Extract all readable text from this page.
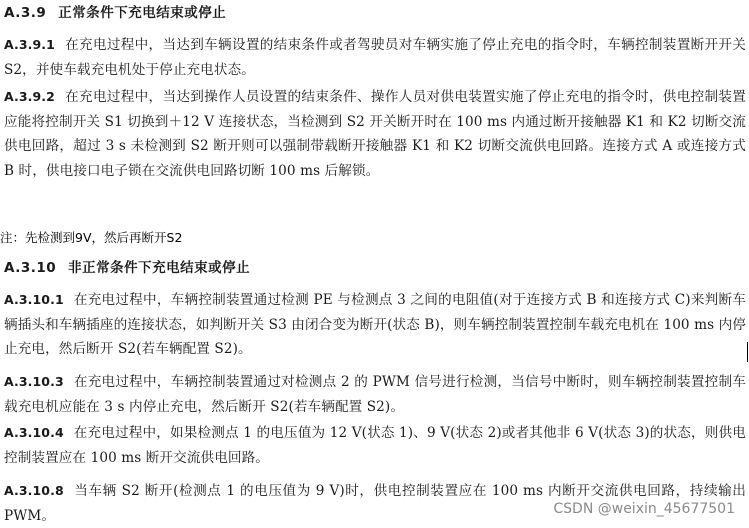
A.3.9 正常条件下充电结束或停止
A.3.9.1 在充电过程中，当达到车辆设置的结束条件或者驾驶员对车辆实施了停止充电的指令时，车辆控制装置断开开关 S2，并使车载充电机处于停止充电状态。
A.3.9.2 在充电过程中，当达到操作人员设置的结束条件、操作人员对供电装置实施了停止充电的指令时，供电控制装置应能将控制开关 S1 切换到＋12 V 连接状态，当检测到 S2 开关断开时在 100 ms 内通过断开接触器 K1 和 K2 切断交流供电回路，超过 3 s 未检测到 S2 断开则可以强制带载断开接触器 K1 和 K2 切断交流供电回路。连接方式 A 或连接方式 B 时，供电接口电子锁在交流供电回路切断 100 ms 后解锁。
注：先检测到9V，然后再断开S2
A.3.10 非正常条件下充电结束或停止
A.3.10.1 在充电过程中，车辆控制装置通过检测 PE 与检测点 3 之间的电阻值(对于连接方式 B 和连接方式 C)来判断车辆插头和车辆插座的连接状态，如判断开关 S3 由闭合变为断开(状态 B)，则车辆控制装置控制车载充电机在 100 ms 内停止充电，然后断开 S2(若车辆配置 S2)。
A.3.10.3 在充电过程中，车辆控制装置通过对检测点 2 的 PWM 信号进行检测，当信号中断时，则车辆控制装置控制车载充电机应能在 3 s 内停止充电，然后断开 S2(若车辆配置 S2)。
A.3.10.4 在充电过程中，如果检测点 1 的电压值为 12 V(状态 1)、9 V(状态 2)或者其他非 6 V(状态 3)的状态，则供电控制装置应在 100 ms 断开交流供电回路。
A.3.10.8 当车辆 S2 断开(检测点 1 的电压值为 9 V)时，供电控制装置应在 100 ms 内断开交流供电回路，持续输出 PWM。	CSDN @weixin_45677501
